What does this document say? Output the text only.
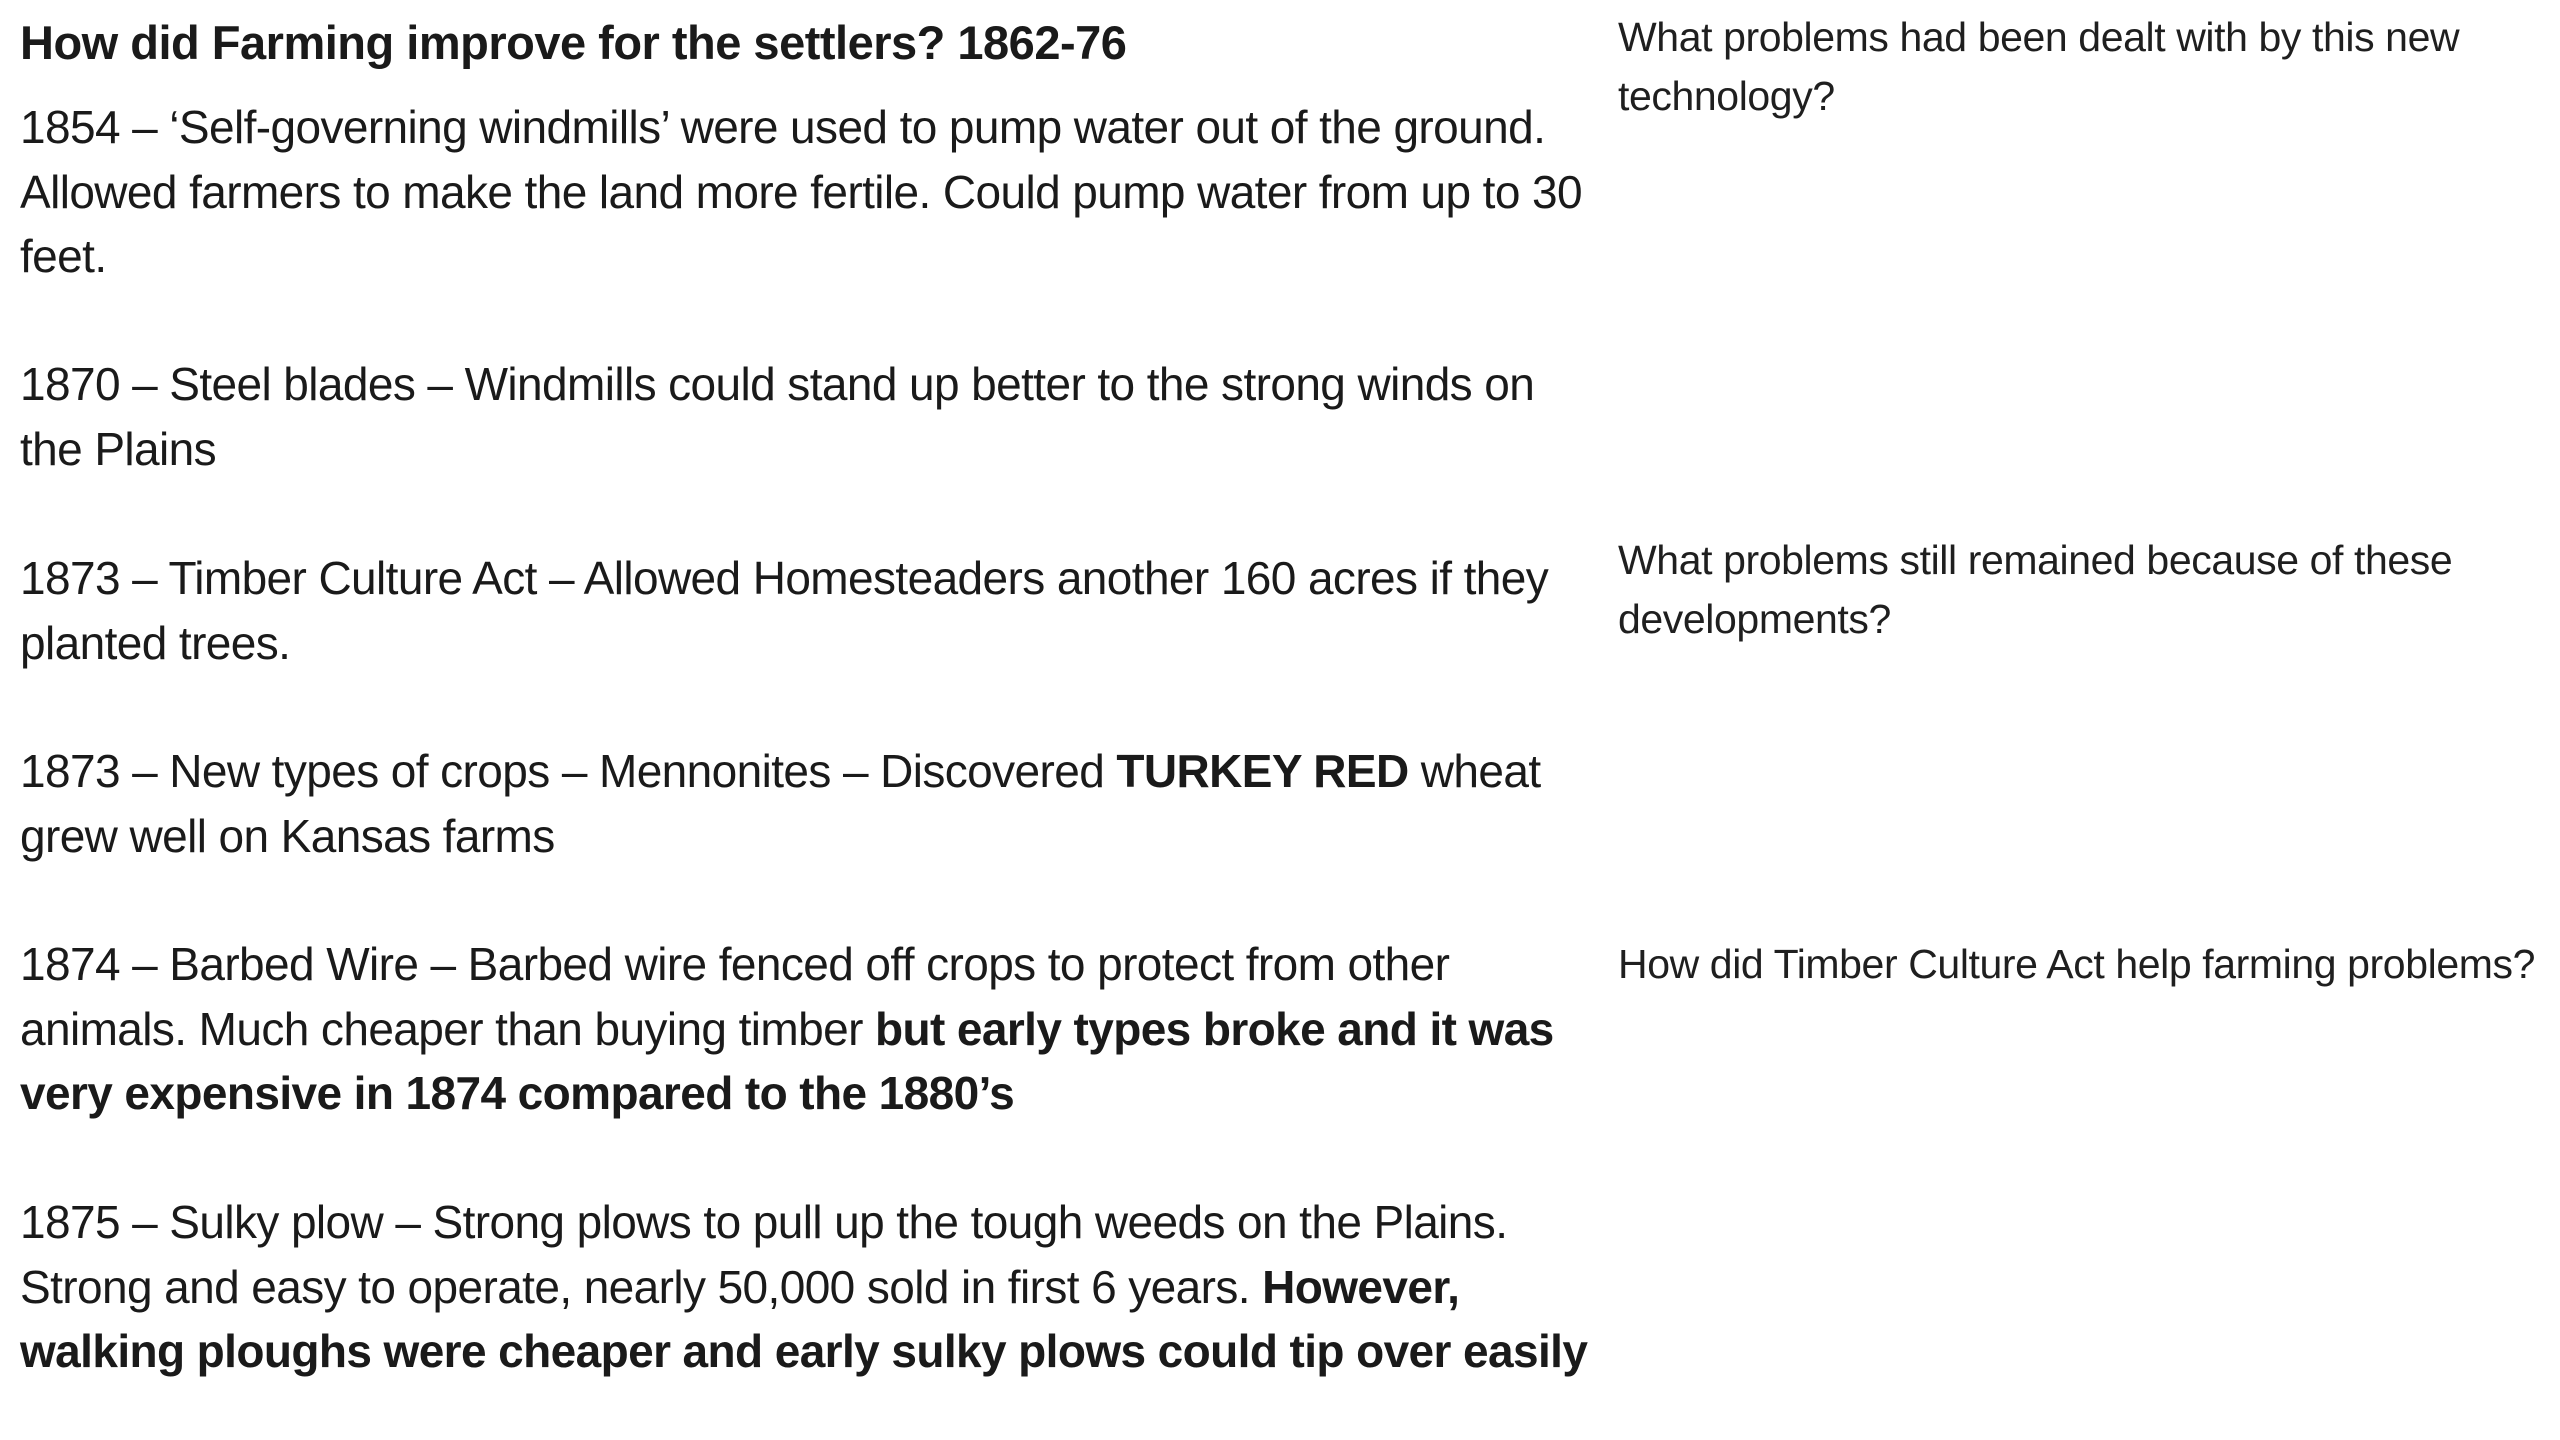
How did Farming improve for the settlers? 1862-76

1854 – ‘Self-governing windmills’ were used to pump water out of the ground. Allowed farmers to make the land more fertile. Could pump water from up to 30 feet.

1870 – Steel blades – Windmills could stand up better to the strong winds on the Plains

1873 – Timber Culture Act – Allowed Homesteaders another 160 acres if they planted trees.

1873 – New types of crops – Mennonites – Discovered TURKEY RED wheat grew well on Kansas farms

1874 – Barbed Wire – Barbed wire fenced off crops to protect from other animals. Much cheaper than buying timber but early types broke and it was very expensive in 1874 compared to the 1880’s

1875 – Sulky plow – Strong plows to pull up the tough weeds on the Plains. Strong and easy to operate, nearly 50,000 sold in first 6 years. However, walking ploughs were cheaper and early sulky plows could tip over easily

What problems had been dealt with by this new technology?

What problems still remained because of these developments?

How did Timber Culture Act help farming problems?
